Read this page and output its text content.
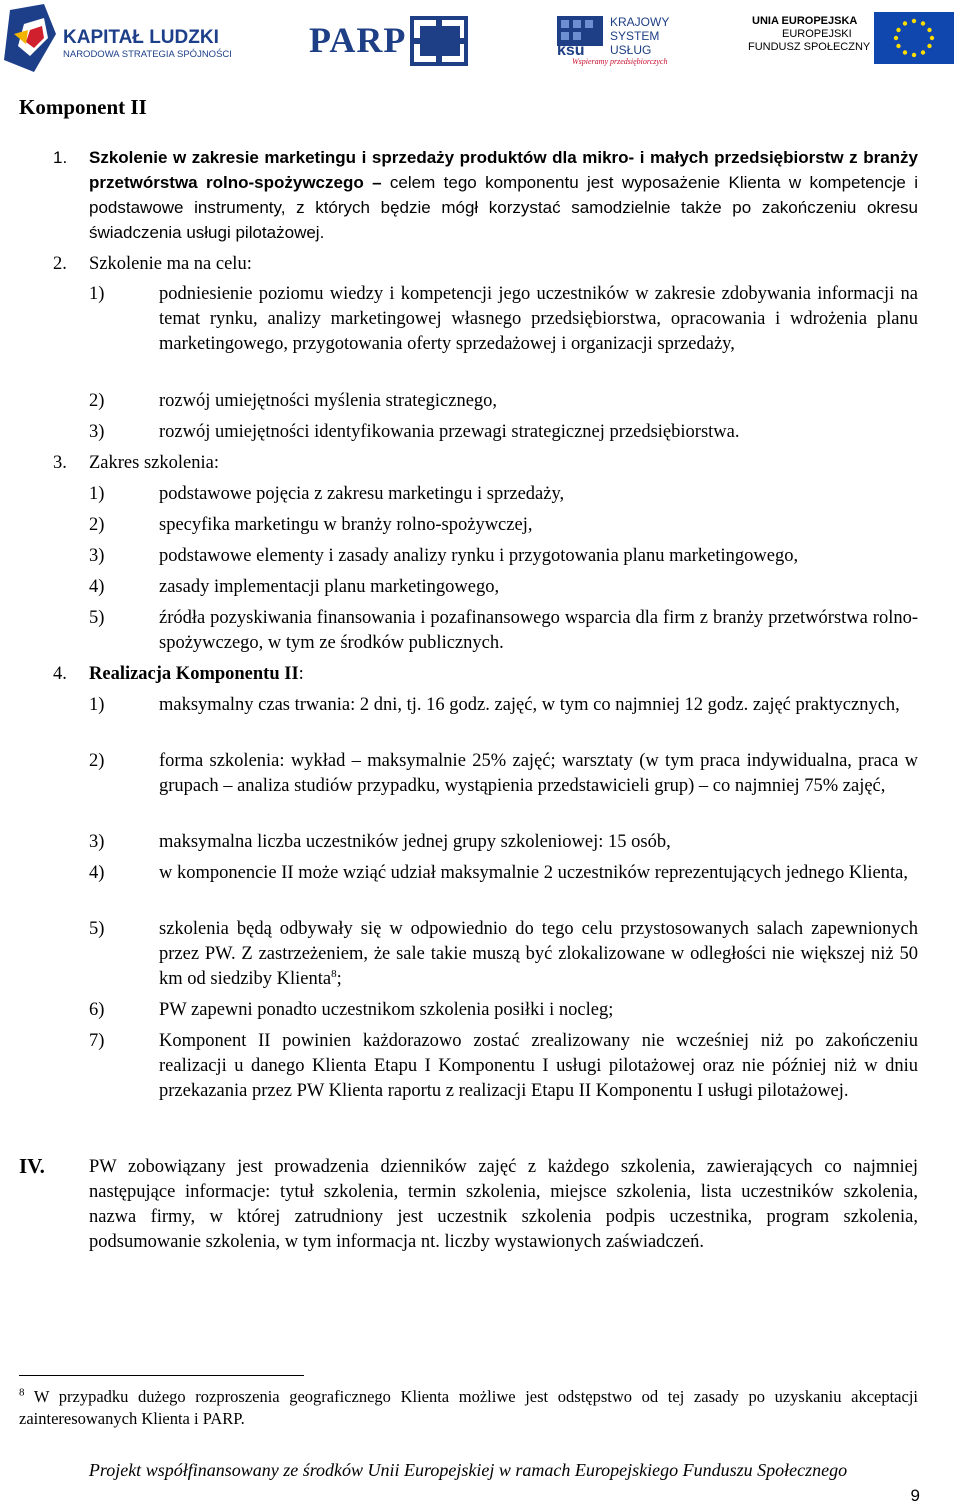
KAPITAŁ LUDZKI
NARODOWA STRATEGIA SPÓJNOŚCI PARP	ksu
KRAJOWY
SYSTEM
USŁUG
Wspieramy przedsiębiorczych
UNIA EUROPEJSKA
EUROPEJSKI
FUNDUSZ SPOŁECZNY
Komponent II
1. Szkolenie w zakresie marketingu i sprzedaży produktów dla mikro- i małych przedsiębiorstw z branży przetwórstwa rolno-spożywczego – celem tego komponentu jest wyposażenie Klienta w kompetencje i podstawowe instrumenty, z których będzie mógł korzystać samodzielnie także po zakończeniu okresu świadczenia usługi pilotażowej.
2. Szkolenie ma na celu:
1)	podniesienie poziomu wiedzy i kompetencji jego uczestników w zakresie zdobywania informacji na temat rynku, analizy marketingowej własnego przedsiębiorstwa, opracowania i wdrożenia planu marketingowego, przygotowania oferty sprzedażowej i organizacji sprzedaży,
2)	rozwój umiejętności myślenia strategicznego,
3)	rozwój umiejętności identyfikowania przewagi strategicznej przedsiębiorstwa.
3. Zakres szkolenia:
1)	podstawowe pojęcia z zakresu marketingu i sprzedaży,
2)	specyfika marketingu w branży rolno-spożywczej,
3)	podstawowe elementy i zasady analizy rynku i przygotowania planu marketingowego,
4)	zasady implementacji planu marketingowego,
5)	źródła pozyskiwania finansowania i pozafinansowego wsparcia dla firm z branży przetwórstwa rolno-spożywczego, w tym ze środków publicznych.
4. Realizacja Komponentu II:
1)	maksymalny czas trwania: 2 dni, tj. 16 godz. zajęć, w tym co najmniej 12 godz. zajęć praktycznych,
2)	forma szkolenia: wykład – maksymalnie 25% zajęć; warsztaty (w tym praca indywidualna, praca w grupach – analiza studiów przypadku, wystąpienia przedstawicieli grup) – co najmniej 75% zajęć,
3)	maksymalna liczba uczestników jednej grupy szkoleniowej: 15 osób,
4)	w komponencie II może wziąć udział maksymalnie 2 uczestników reprezentujących jednego Klienta,
5)	szkolenia będą odbywały się w odpowiednio do tego celu przystosowanych salach zapewnionych przez PW. Z zastrzeżeniem, że sale takie muszą być zlokalizowane w odległości nie większej niż 50 km od siedziby Klienta$^8$;
6)	PW zapewni ponadto uczestnikom szkolenia posiłki i nocleg;
7)	Komponent II powinien każdorazowo zostać zrealizowany nie wcześniej niż po zakończeniu realizacji u danego Klienta Etapu I Komponentu I usługi pilotażowej oraz nie później niż w dniu przekazania przez PW Klienta raportu z realizacji Etapu II Komponentu I usługi pilotażowej.
IV. PW zobowiązany jest prowadzenia dzienników zajęć z każdego szkolenia, zawierających co najmniej następujące informacje: tytuł szkolenia, termin szkolenia, miejsce szkolenia, lista uczestników szkolenia, nazwa firmy, w której zatrudniony jest uczestnik szkolenia podpis uczestnika, program szkolenia, podsumowanie szkolenia, w tym informacja nt. liczby wystawionych zaświadczeń.
$^8$ W przypadku dużego rozproszenia geograficznego Klienta możliwe jest odstępstwo od tej zasady po uzyskaniu akceptacji zainteresowanych Klienta i PARP.
Projekt współfinansowany ze środków Unii Europejskiej w ramach Europejskiego Funduszu Społecznego
9
